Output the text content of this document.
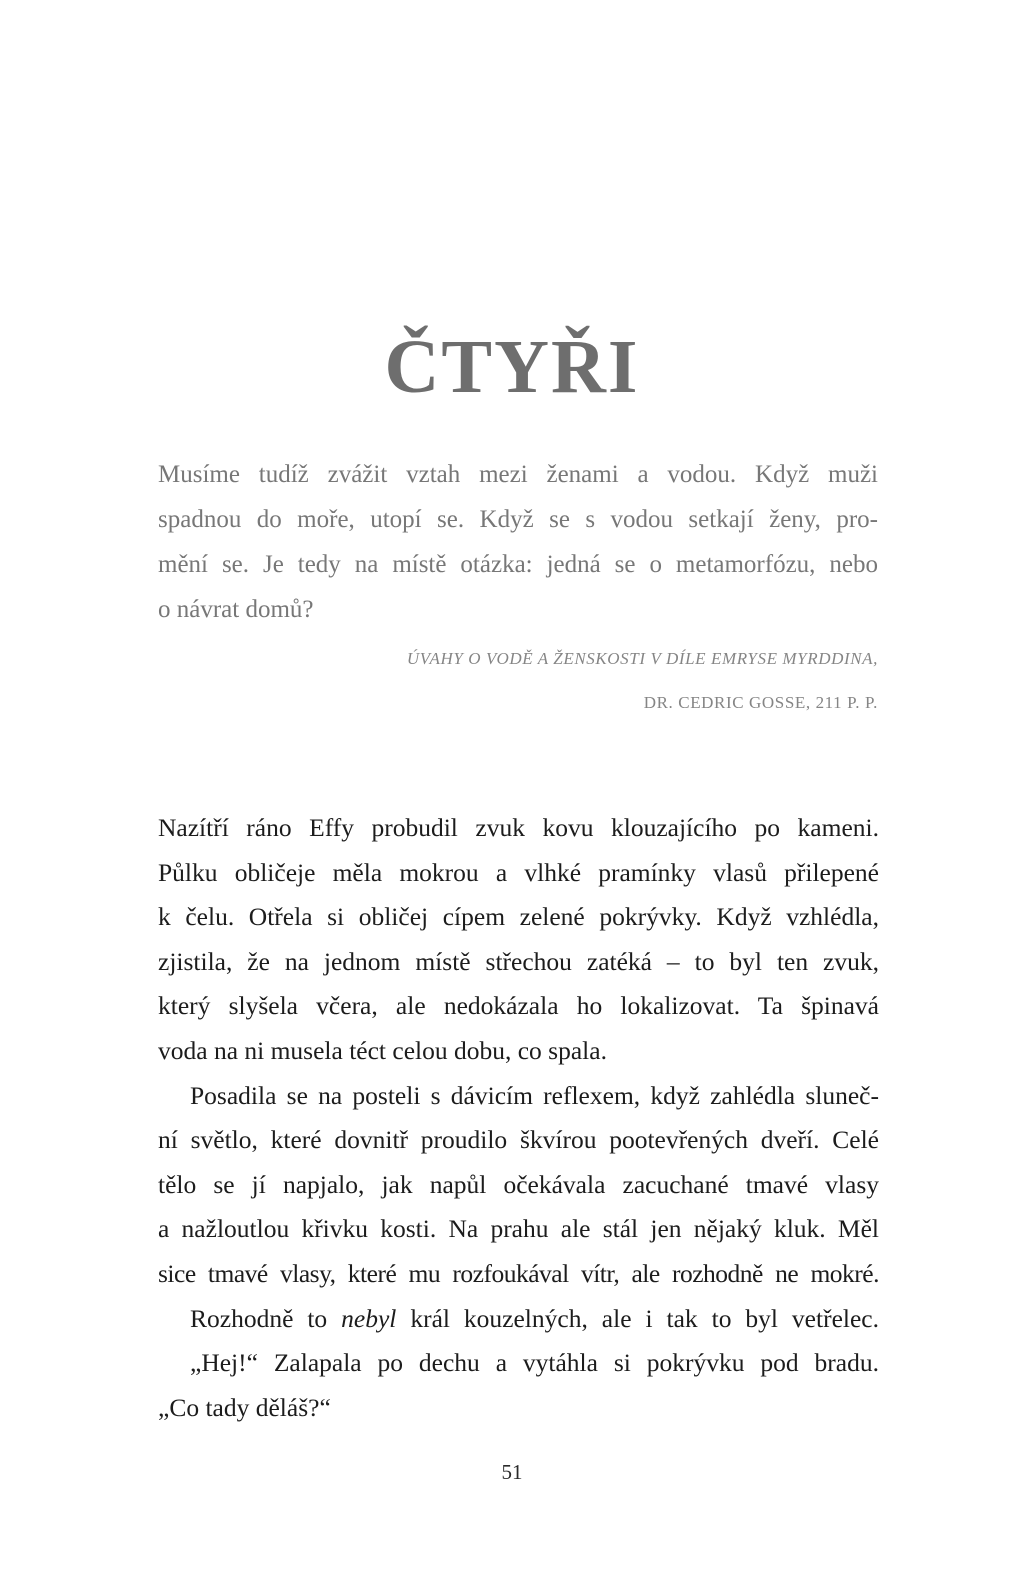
ČTYŘI
Musíme tudíž zvážit vztah mezi ženami a vodou. Když muži
spadnou do moře, utopí se. Když se s vodou setkají ženy, pro-
mění se. Je tedy na místě otázka: jedná se o metamorfózu, nebo
o návrat domů?
ÚVAHY O VODĚ A ŽENSKOSTI V DÍLE EMRYSE MYRDDINA,
DR. CEDRIC GOSSE, 211 P. P.
Nazítří ráno Effy probudil zvuk kovu klouzajícího po kameni.
Půlku obličeje měla mokrou a vlhké pramínky vlasů přilepené
k čelu. Otřela si obličej cípem zelené pokrývky. Když vzhlédla,
zjistila, že na jednom místě střechou zatéká – to byl ten zvuk,
který slyšela včera, ale nedokázala ho lokalizovat. Ta špinavá
voda na ni musela téct celou dobu, co spala.
Posadila se na posteli s dávicím reflexem, když zahlédla sluneč-
ní světlo, které dovnitř proudilo škvírou pootevřených dveří. Celé
tělo se jí napjalo, jak napůl očekávala zacuchané tmavé vlasy
a nažloutlou křivku kosti. Na prahu ale stál jen nějaký kluk. Měl
sice tmavé vlasy, které mu rozfoukával vítr, ale rozhodně ne mokré.
Rozhodně to nebyl král kouzelných, ale i tak to byl vetřelec.
„Hej!“ Zalapala po dechu a vytáhla si pokrývku pod bradu.
„Co tady děláš?“
51
